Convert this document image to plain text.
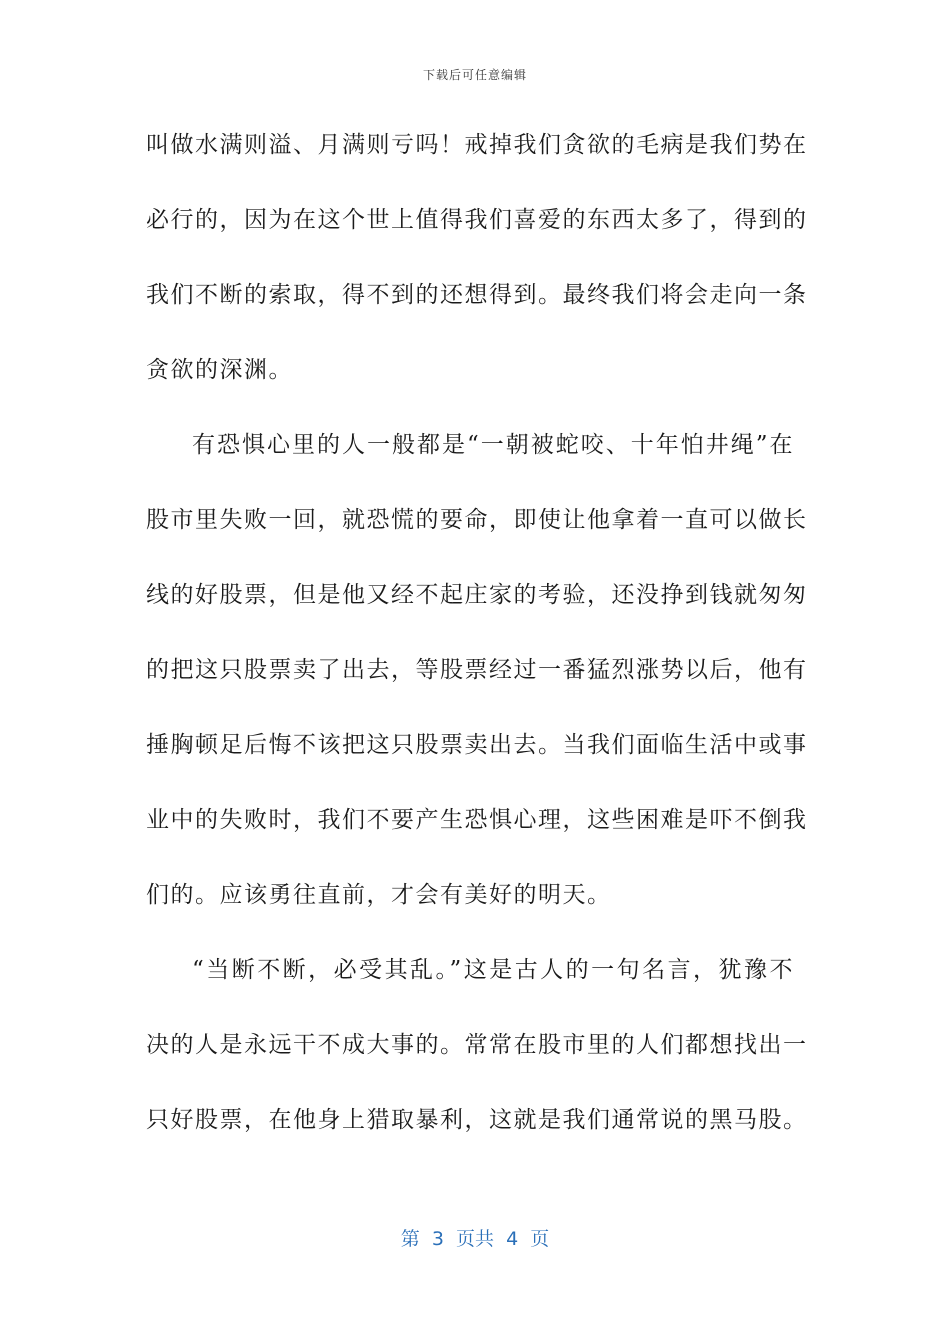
下载后可任意编辑
叫做水满则溢、月满则亏吗！戒掉我们贪欲的毛病是我们势在
必行的，因为在这个世上值得我们喜爱的东西太多了，得到的
我们不断的索取，得不到的还想得到。最终我们将会走向一条
贪欲的深渊。
有恐惧心里的人一般都是“一朝被蛇咬、十年怕井绳”在
股市里失败一回，就恐慌的要命，即使让他拿着一直可以做长
线的好股票，但是他又经不起庄家的考验，还没挣到钱就匆匆
的把这只股票卖了出去，等股票经过一番猛烈涨势以后，他有
捶胸顿足后悔不该把这只股票卖出去。当我们面临生活中或事
业中的失败时，我们不要产生恐惧心理，这些困难是吓不倒我
们的。应该勇往直前，才会有美好的明天。
“当断不断，必受其乱。”这是古人的一句名言，犹豫不
决的人是永远干不成大事的。常常在股市里的人们都想找出一
只好股票，在他身上猎取暴利，这就是我们通常说的黑马股。
第  3  页共  4  页
